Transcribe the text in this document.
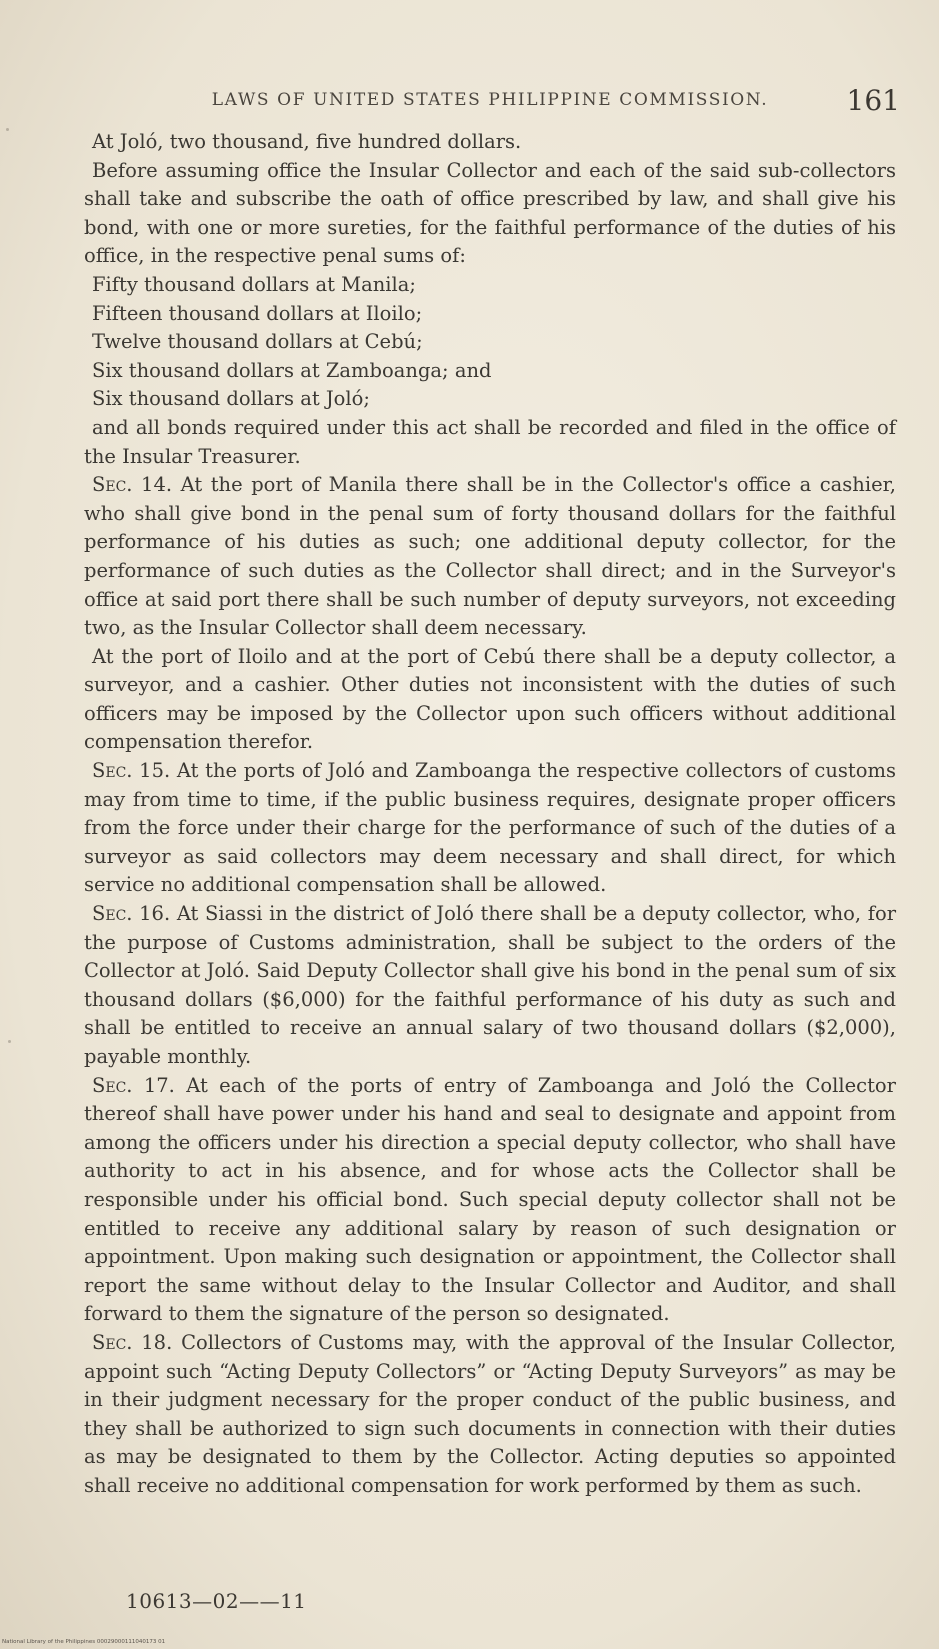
LAWS OF UNITED STATES PHILIPPINE COMMISSION.	161

At Joló, two thousand, five hundred dollars.

Before assuming office the Insular Collector and each of the said sub-collectors shall take and subscribe the oath of office prescribed by law, and shall give his bond, with one or more sureties, for the faithful performance of the duties of his office, in the respective penal sums of:

Fifty thousand dollars at Manila;

Fifteen thousand dollars at Iloilo;

Twelve thousand dollars at Cebú;

Six thousand dollars at Zamboanga; and

Six thousand dollars at Joló;

and all bonds required under this act shall be recorded and filed in the office of the Insular Treasurer.

Sec. 14. At the port of Manila there shall be in the Collector's office a cashier, who shall give bond in the penal sum of forty thousand dollars for the faithful performance of his duties as such; one additional deputy collector, for the performance of such duties as the Collector shall direct; and in the Surveyor's office at said port there shall be such number of deputy surveyors, not exceeding two, as the Insular Collector shall deem necessary.

At the port of Iloilo and at the port of Cebú there shall be a deputy collector, a surveyor, and a cashier. Other duties not inconsistent with the duties of such officers may be imposed by the Collector upon such officers without additional compensation therefor.

Sec. 15. At the ports of Joló and Zamboanga the respective collectors of customs may from time to time, if the public business requires, designate proper officers from the force under their charge for the performance of such of the duties of a surveyor as said collectors may deem necessary and shall direct, for which service no additional compensation shall be allowed.

Sec. 16. At Siassi in the district of Joló there shall be a deputy collector, who, for the purpose of Customs administration, shall be subject to the orders of the Collector at Joló. Said Deputy Collector shall give his bond in the penal sum of six thousand dollars ($6,000) for the faithful performance of his duty as such and shall be entitled to receive an annual salary of two thousand dollars ($2,000), payable monthly.

Sec. 17. At each of the ports of entry of Zamboanga and Joló the Collector thereof shall have power under his hand and seal to designate and appoint from among the officers under his direction a special deputy collector, who shall have authority to act in his absence, and for whose acts the Collector shall be responsible under his official bond. Such special deputy collector shall not be entitled to receive any additional salary by reason of such designation or appointment. Upon making such designation or appointment, the Collector shall report the same without delay to the Insular Collector and Auditor, and shall forward to them the signature of the person so designated.

Sec. 18. Collectors of Customs may, with the approval of the Insular Collector, appoint such “Acting Deputy Collectors” or “Acting Deputy Surveyors” as may be in their judgment necessary for the proper conduct of the public business, and they shall be authorized to sign such documents in connection with their duties as may be designated to them by the Collector. Acting deputies so appointed shall receive no additional compensation for work performed by them as such.

10613—02——11
National Library of the Philippines 00029000111040173 01
